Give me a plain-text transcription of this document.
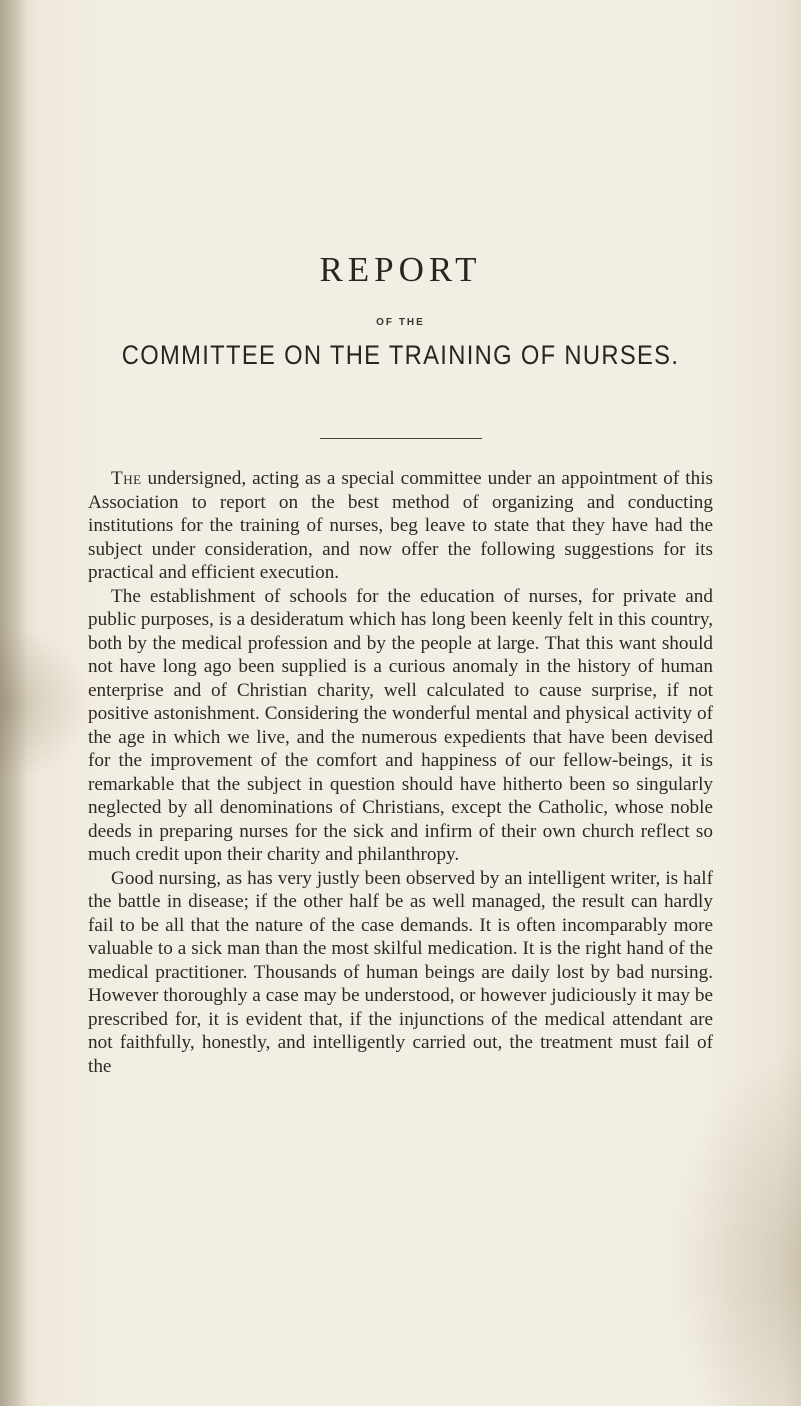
REPORT
OF THE
COMMITTEE ON THE TRAINING OF NURSES.

The undersigned, acting as a special committee under an appointment of this Association to report on the best method of organizing and conducting institutions for the training of nurses, beg leave to state that they have had the subject under consideration, and now offer the following suggestions for its practical and efficient execution.

The establishment of schools for the education of nurses, for private and public purposes, is a desideratum which has long been keenly felt in this country, both by the medical profession and by the people at large. That this want should not have long ago been supplied is a curious anomaly in the history of human enterprise and of Christian charity, well calculated to cause surprise, if not positive astonishment. Considering the wonderful mental and physical activity of the age in which we live, and the numerous expedients that have been devised for the improvement of the comfort and happiness of our fellow-beings, it is remarkable that the subject in question should have hitherto been so singularly neglected by all denominations of Christians, except the Catholic, whose noble deeds in preparing nurses for the sick and infirm of their own church reflect so much credit upon their charity and philanthropy.

Good nursing, as has very justly been observed by an intelligent writer, is half the battle in disease; if the other half be as well managed, the result can hardly fail to be all that the nature of the case demands. It is often incomparably more valuable to a sick man than the most skilful medication. It is the right hand of the medical practitioner. Thousands of human beings are daily lost by bad nursing. However thoroughly a case may be understood, or however judiciously it may be prescribed for, it is evident that, if the injunctions of the medical attendant are not faithfully, honestly, and intelligently carried out, the treatment must fail of the
